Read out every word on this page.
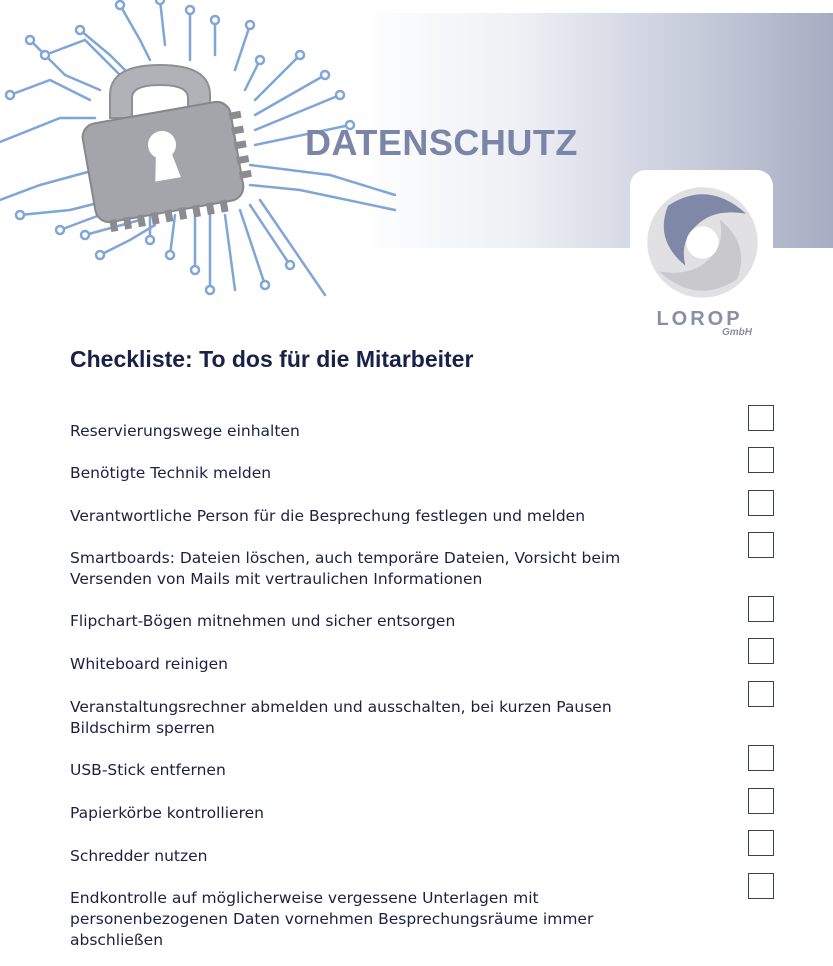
DATENSCHUTZ
LOROP
GmbH
Checkliste: To dos für die Mitarbeiter

Reservierungswege einhalten

Benötigte Technik melden

Verantwortliche Person für die Besprechung festlegen und melden

Smartboards: Dateien löschen, auch temporäre Dateien, Vorsicht beim Versenden von Mails mit vertraulichen Informationen

Flipchart-Bögen mitnehmen und sicher entsorgen

Whiteboard reinigen

Veranstaltungsrechner abmelden und ausschalten, bei kurzen Pausen Bildschirm sperren

USB-Stick entfernen

Papierkörbe kontrollieren

Schredder nutzen

Endkontrolle auf möglicherweise vergessene Unterlagen mit personenbezogenen Daten vornehmen Besprechungsräume immer abschließen
